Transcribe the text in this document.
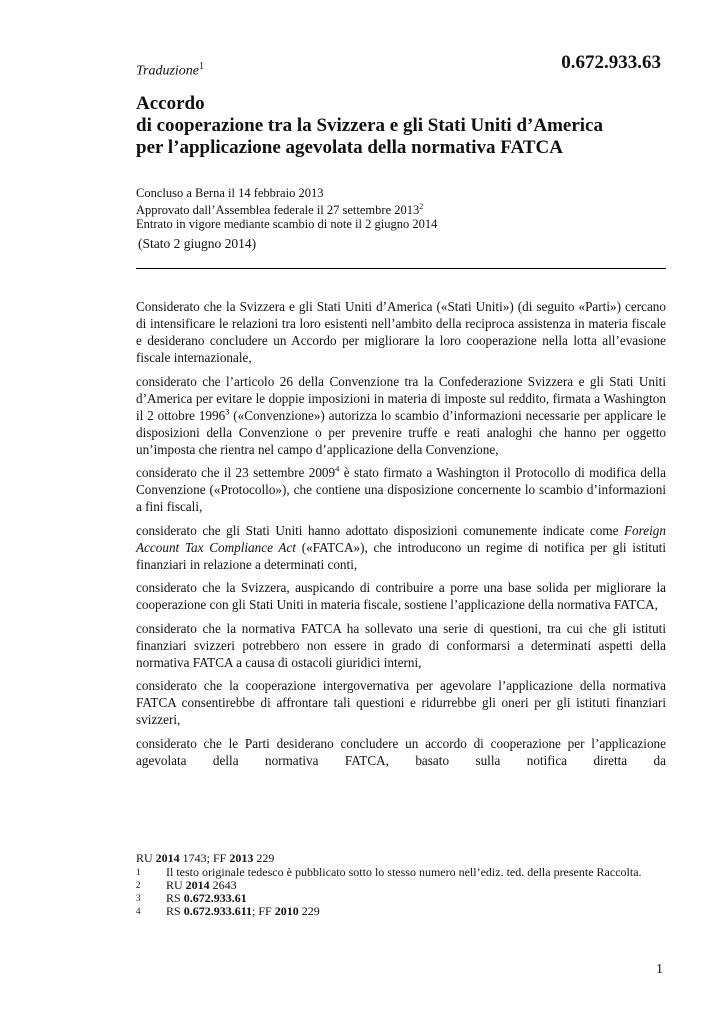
Traduzione$^1$	0.672.933.63
Accordo
di cooperazione tra la Svizzera e gli Stati Uniti d’America
per l’applicazione agevolata della normativa FATCA
Concluso a Berna il 14 febbraio 2013
Approvato dall’Assemblea federale il 27 settembre 2013$^2$
Entrato in vigore mediante scambio di note il 2 giugno 2014
(Stato 2 giugno 2014)

Considerato che la Svizzera e gli Stati Uniti d’America («Stati Uniti») (di seguito «Parti») cercano di intensificare le relazioni tra loro esistenti nell’ambito della reciproca assistenza in materia fiscale e desiderano concludere un Accordo per migliorare la loro cooperazione nella lotta all’evasione fiscale internazionale,

considerato che l’articolo 26 della Convenzione tra la Confederazione Svizzera e gli Stati Uniti d’America per evitare le doppie imposizioni in materia di imposte sul reddito, firmata a Washington il 2 ottobre 1996$^3$ («Convenzione») autorizza lo scambio d’informazioni necessarie per applicare le disposizioni della Convenzione o per prevenire truffe e reati analoghi che hanno per oggetto un’imposta che rientra nel campo d’applicazione della Convenzione,

considerato che il 23 settembre 2009$^4$ è stato firmato a Washington il Protocollo di modifica della Convenzione («Protocollo»), che contiene una disposizione concernente lo scambio d’informazioni a fini fiscali,

considerato che gli Stati Uniti hanno adottato disposizioni comunemente indicate come Foreign Account Tax Compliance Act («FATCA»), che introducono un regime di notifica per gli istituti finanziari in relazione a determinati conti,

considerato che la Svizzera, auspicando di contribuire a porre una base solida per migliorare la cooperazione con gli Stati Uniti in materia fiscale, sostiene l’applicazione della normativa FATCA,

considerato che la normativa FATCA ha sollevato una serie di questioni, tra cui che gli istituti finanziari svizzeri potrebbero non essere in grado di conformarsi a determinati aspetti della normativa FATCA a causa di ostacoli giuridici interni,

considerato che la cooperazione intergovernativa per agevolare l’applicazione della normativa FATCA consentirebbe di affrontare tali questioni e ridurrebbe gli oneri per gli istituti finanziari svizzeri,

considerato che le Parti desiderano concludere un accordo di cooperazione per l’applicazione agevolata della normativa FATCA, basato sulla notifica diretta da

RU 2014 1743; FF 2013 229
1	Il testo originale tedesco è pubblicato sotto lo stesso numero nell’ediz. ted. della presente Raccolta.
2	RU 2014 2643
3	RS 0.672.933.61
4	RS 0.672.933.611; FF 2010 229
1
